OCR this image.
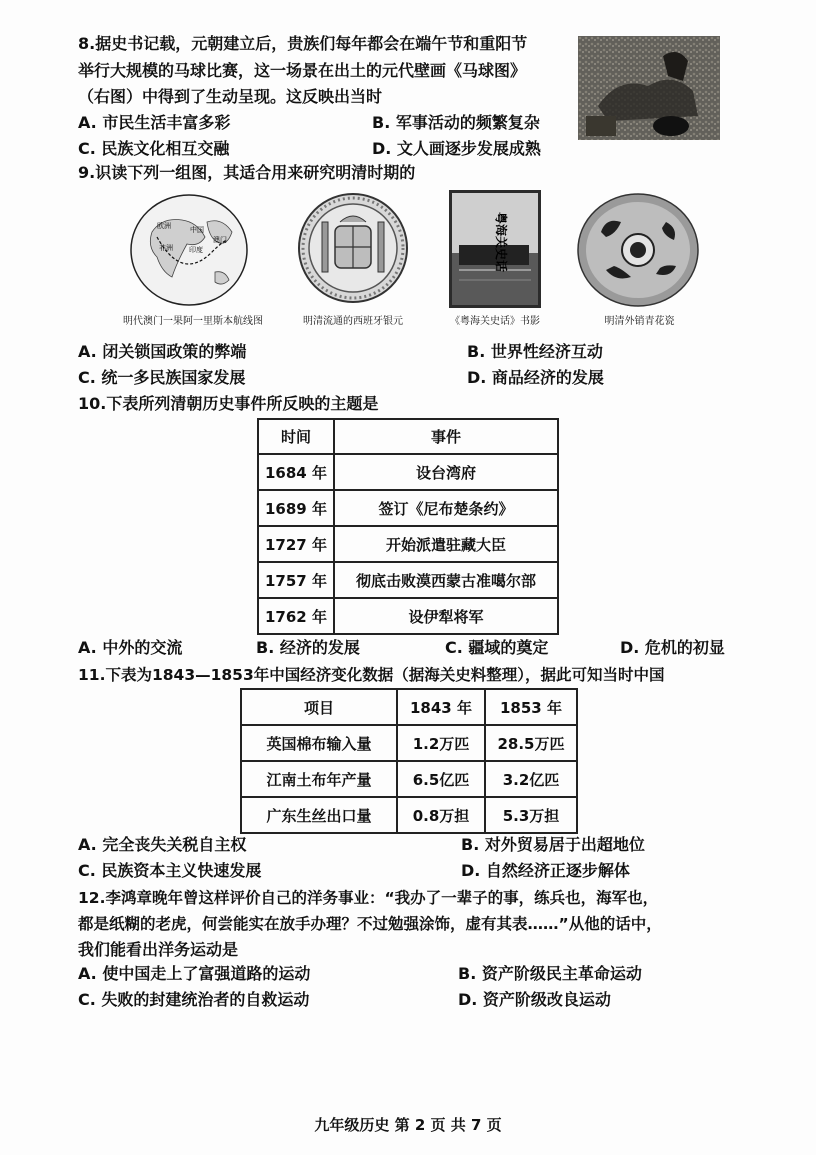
8.据史书记载，元朝建立后，贵族们每年都会在端午节和重阳节
举行大规模的马球比赛，这一场景在出土的元代壁画《马球图》
（右图）中得到了生动呈现。这反映出当时
A. 市民生活丰富多彩	B. 军事活动的频繁复杂
C. 民族文化相互交融	D. 文人画逐步发展成熟
9.识读下列一组图，其适合用来研究明清时期的
中国
印度
非洲
澳门
欧洲
明代澳门一果阿一里斯本航线图	明清流通的西班牙银元
粤海关史话
《粤海关史话》书影	明清外销青花瓷
A. 闭关锁国政策的弊端	B. 世界性经济互动
C. 统一多民族国家发展	D. 商品经济的发展
10.下表所列清朝历史事件所反映的主题是
时间	事件
1684 年	设台湾府
1689 年	签订《尼布楚条约》
1727 年	开始派遣驻藏大臣
1757 年	彻底击败漠西蒙古准噶尔部
1762 年	设伊犁将军
A. 中外的交流	B. 经济的发展	C. 疆域的奠定	D. 危机的初显
11.下表为1843—1853年中国经济变化数据（据海关史料整理），据此可知当时中国
项目	1843 年	1853 年
英国棉布输入量	1.2万匹	28.5万匹
江南土布年产量	6.5亿匹	3.2亿匹
广东生丝出口量	0.8万担	5.3万担
A. 完全丧失关税自主权	B. 对外贸易居于出超地位
C. 民族资本主义快速发展	D. 自然经济正逐步解体
12.李鸿章晚年曾这样评价自己的洋务事业：“我办了一辈子的事，练兵也，海军也，
都是纸糊的老虎，何尝能实在放手办理？不过勉强涂饰，虚有其表……”从他的话中，
我们能看出洋务运动是
A. 使中国走上了富强道路的运动	B. 资产阶级民主革命运动
C. 失败的封建统治者的自救运动	D. 资产阶级改良运动
九年级历史 第 2 页 共 7 页
